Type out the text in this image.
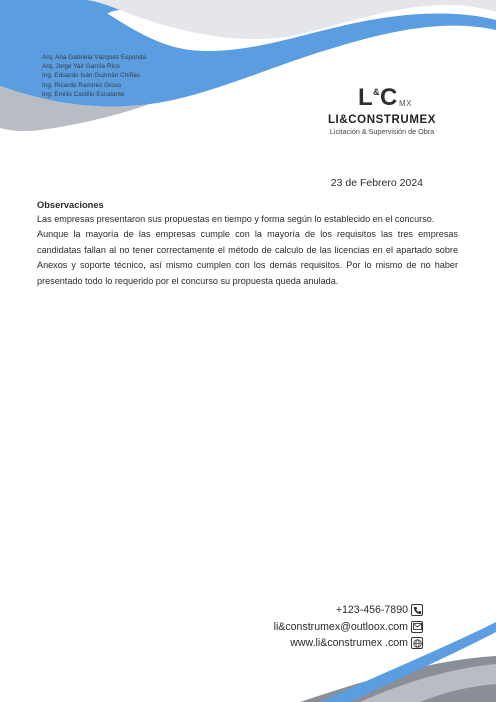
Arq. Ana Gabriela Vázquez Esponda
Arq. Jorge Yair García Ríos
Ing. Eduardo Iván Guzmán Chiñas
Ing. Ricardo Ramírez Gross
Ing. Emilio Castillo Escalante	L & C MX
LI&CONSTRUMEX
Licitación & Supervisión de Obra
23 de Febrero 2024
Observaciones

Las empresas presentaron sus propuestas en tiempo y forma según lo establecido en el concurso.

Aunque la mayoría de las empresas cumple con la mayoría de los requisitos las tres empresas candidatas fallan al no tener correctamente el método de calculo de las licencias en el apartado sobre Anexos y soporte técnico, así mismo cumplen con los demás requisitos. Por lo mismo de no haber presentado todo lo requerido por el concurso su propuesta queda anulada.

+123-456-7890
li&construmex@outloox.com
www.li&construmex .com
